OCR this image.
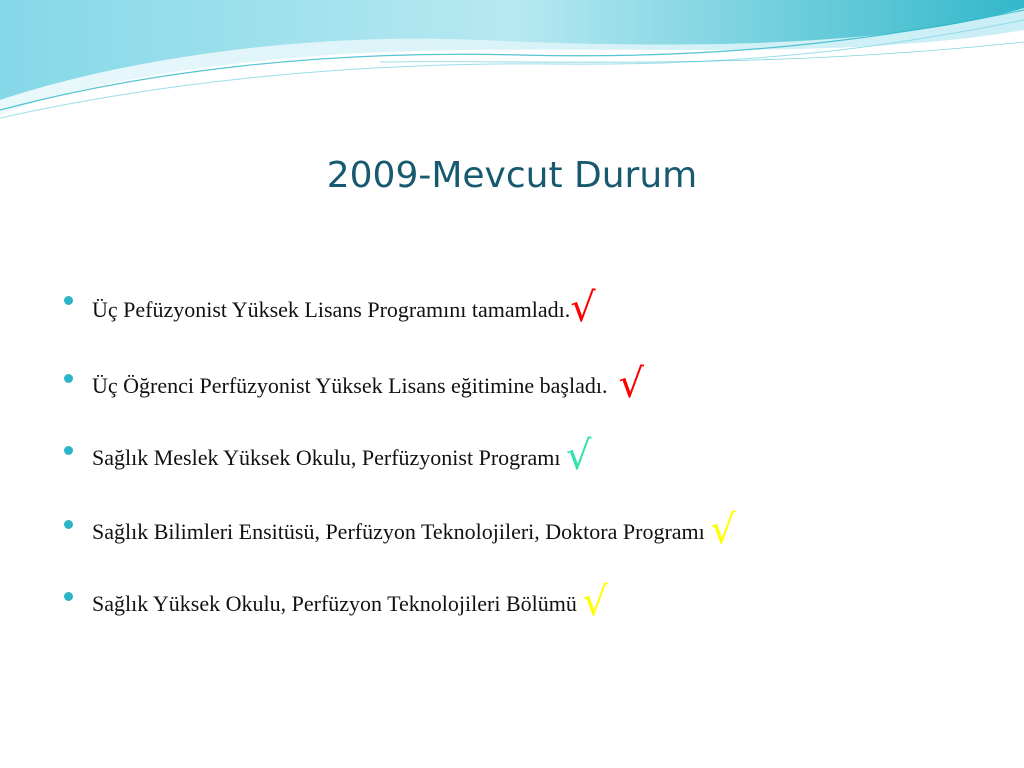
2009-Mevcut Durum
Üç Pefüzyonist Yüksek Lisans Programını tamamladı.√
Üç Öğrenci Perfüzyonist Yüksek Lisans eğitimine başladı. √
Sağlık Meslek Yüksek Okulu, Perfüzyonist Programı √
Sağlık Bilimleri Ensitüsü, Perfüzyon Teknolojileri, Doktora Programı √
Sağlık Yüksek Okulu, Perfüzyon Teknolojileri Bölümü √
